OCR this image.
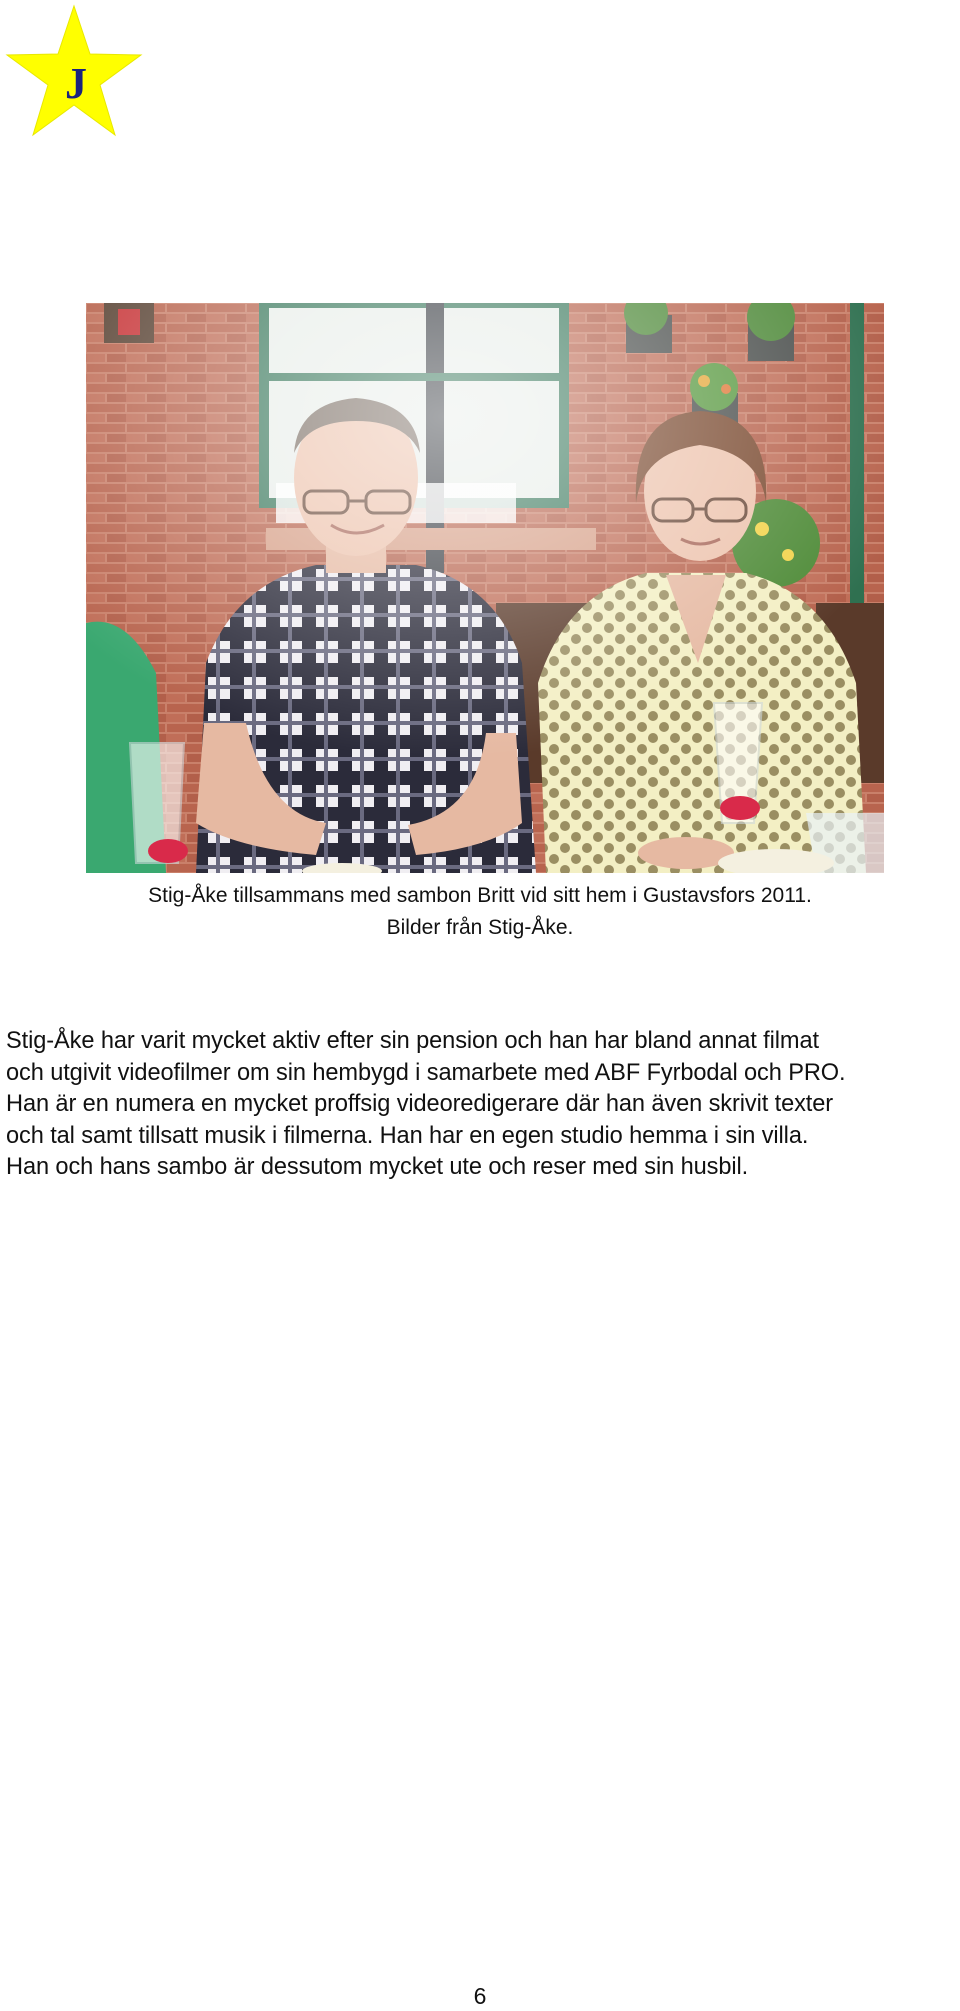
J
Stig-Åke tillsammans med sambon Britt vid sitt hem i Gustavsfors 2011.
Bilder från Stig-Åke.
Stig-Åke har varit mycket aktiv efter sin pension och han har bland annat filmat
och utgivit videofilmer om sin hembygd i samarbete med ABF Fyrbodal och PRO.
Han är en numera en mycket proffsig videoredigerare där han även skrivit texter
och tal samt tillsatt musik i filmerna. Han har en egen studio hemma i sin villa.
Han och hans sambo är dessutom mycket ute och reser med sin husbil.
6
